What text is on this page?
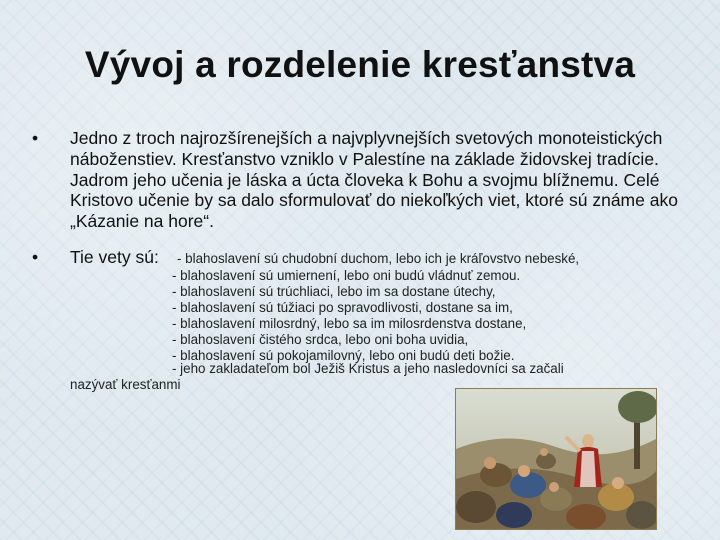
Vývoj a rozdelenie kresťanstva
• Jedno z troch najrozšírenejších a najvplyvnejších svetových monoteistických náboženstiev. Kresťanstvo vzniklo v Palestíne na základe židovskej tradície. Jadrom jeho učenia je láska a úcta človeka k Bohu a svojmu blížnemu. Celé Kristovo učenie by sa dalo sformulovať do niekoľkých viet, ktoré sú známe ako „Kázanie na hore“.
• Tie vety sú: - blahoslavení sú chudobní duchom, lebo ich je kráľovstvo nebeské,
- blahoslavení sú umiernení, lebo oni budú vládnuť zemou.
- blahoslavení sú trúchliaci, lebo im sa dostane útechy,
- blahoslavení sú túžiaci po spravodlivosti, dostane sa im,
- blahoslavení milosrdný, lebo sa im milosrdenstva dostane,
- blahoslavení čistého srdca, lebo oni boha uvidia,
- blahoslavení sú pokojamilovný, lebo oni budú deti božie.
- jeho zakladateľom bol Ježiš Kristus a jeho nasledovníci sa začali
nazývať kresťanmi
